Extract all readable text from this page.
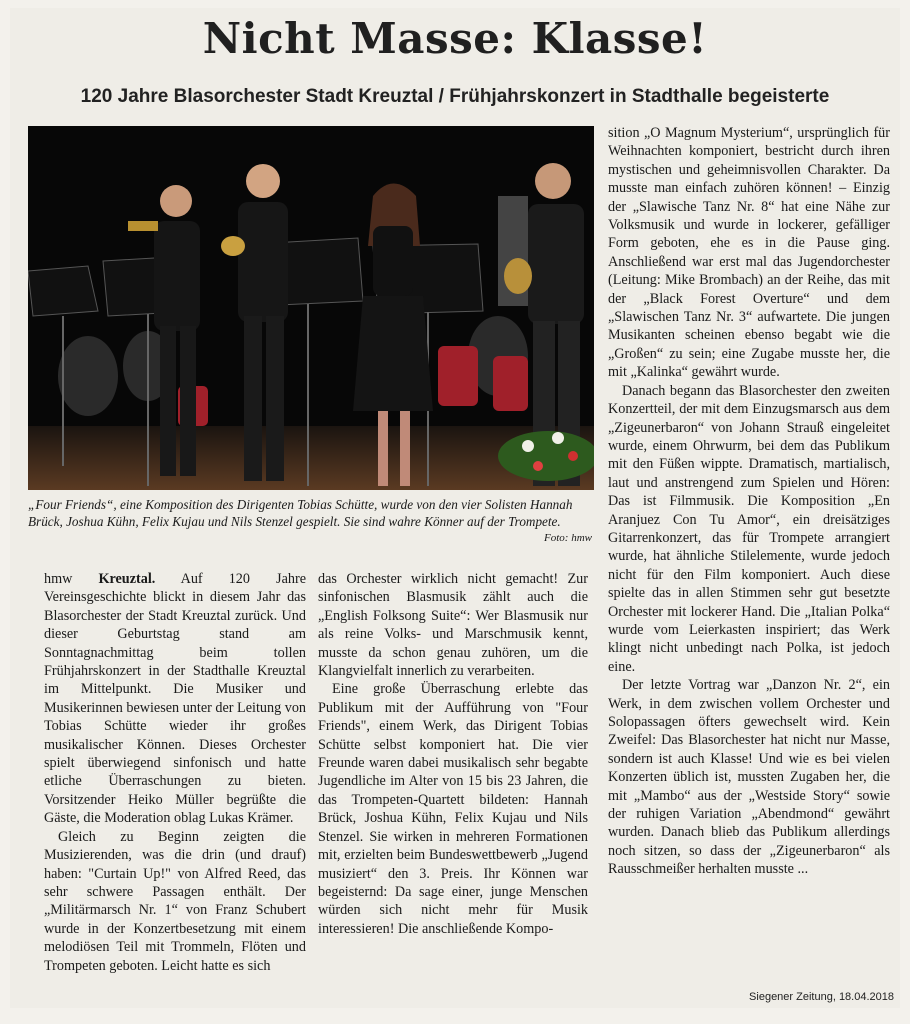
Nicht Masse: Klasse!
120 Jahre Blasorchester Stadt Kreuztal / Frühjahrskonzert in Stadthalle begeisterte
„Four Friends“, eine Komposition des Dirigenten Tobias Schütte, wurde von den vier Solisten Hannah Brück, Joshua Kühn, Felix Kujau und Nils Stenzel gespielt. Sie sind wahre Könner auf der Trompete.
Foto: hmw

hmw Kreuztal. Auf 120 Jahre Vereinsgeschichte blickt in diesem Jahr das Blasorchester der Stadt Kreuztal zurück. Und dieser Geburtstag stand am Sonntagnachmittag beim tollen Frühjahrskonzert in der Stadthalle Kreuztal im Mittelpunkt. Die Musiker und Musikerinnen bewiesen unter der Leitung von Tobias Schütte wieder ihr großes musikalischer Können. Dieses Orchester spielt überwiegend sinfonisch und hatte etliche Überraschungen zu bieten. Vorsitzender Heiko Müller begrüßte die Gäste, die Moderation oblag Lukas Krämer.

Gleich zu Beginn zeigten die Musizierenden, was die drin (und drauf) haben: "Curtain Up!" von Alfred Reed, das sehr schwere Passagen enthält. Der „Militärmarsch Nr. 1“ von Franz Schubert wurde in der Konzertbesetzung mit einem melodiösen Teil mit Trommeln, Flöten und Trompeten geboten. Leicht hatte es sich

das Orchester wirklich nicht gemacht! Zur sinfonischen Blasmusik zählt auch die „English Folksong Suite“: Wer Blasmusik nur als reine Volks- und Marschmusik kennt, musste da schon genau zuhören, um die Klangvielfalt innerlich zu verarbeiten.

Eine große Überraschung erlebte das Publikum mit der Aufführung von "Four Friends", einem Werk, das Dirigent Tobias Schütte selbst komponiert hat. Die vier Freunde waren dabei musikalisch sehr begabte Jugendliche im Alter von 15 bis 23 Jahren, die das Trompeten-Quartett bildeten: Hannah Brück, Joshua Kühn, Felix Kujau und Nils Stenzel. Sie wirken in mehreren Formationen mit, erzielten beim Bundeswettbewerb „Jugend musiziert“ den 3. Preis. Ihr Können war begeisternd: Da sage einer, junge Menschen würden sich nicht mehr für Musik interessieren! Die anschließende Kompo-

sition „O Magnum Mysterium“, ursprünglich für Weihnachten komponiert, bestricht durch ihren mystischen und geheimnisvollen Charakter. Da musste man einfach zuhören können! – Einzig der „Slawische Tanz Nr. 8“ hat eine Nähe zur Volksmusik und wurde in lockerer, gefälliger Form geboten, ehe es in die Pause ging. Anschließend war erst mal das Jugendorchester (Leitung: Mike Brombach) an der Reihe, das mit der „Black Forest Overture“ und dem „Slawischen Tanz Nr. 3“ aufwartete. Die jungen Musikanten scheinen ebenso begabt wie die „Großen“ zu sein; eine Zugabe musste her, die mit „Kalinka“ gewährt wurde.

Danach begann das Blasorchester den zweiten Konzertteil, der mit dem Einzugsmarsch aus dem „Zigeunerbaron“ von Johann Strauß eingeleitet wurde, einem Ohrwurm, bei dem das Publikum mit den Füßen wippte. Dramatisch, martialisch, laut und anstrengend zum Spielen und Hören: Das ist Filmmusik. Die Komposition „En Aranjuez Con Tu Amor“, ein dreisätziges Gitarrenkonzert, das für Trompete arrangiert wurde, hat ähnliche Stilelemente, wurde jedoch nicht für den Film komponiert. Auch diese spielte das in allen Stimmen sehr gut besetzte Orchester mit lockerer Hand. Die „Italian Polka“ wurde vom Leierkasten inspiriert; das Werk klingt nicht unbedingt nach Polka, ist jedoch eine.

Der letzte Vortrag war „Danzon Nr. 2“, ein Werk, in dem zwischen vollem Orchester und Solopassagen öfters gewechselt wird. Kein Zweifel: Das Blasorchester hat nicht nur Masse, sondern ist auch Klasse! Und wie es bei vielen Konzerten üblich ist, mussten Zugaben her, die mit „Mambo“ aus der „Westside Story“ sowie der ruhigen Variation „Abendmond“ gewährt wurden. Danach blieb das Publikum allerdings noch sitzen, so dass der „Zigeunerbaron“ als Rausschmeißer herhalten musste ...

Siegener Zeitung, 18.04.2018
